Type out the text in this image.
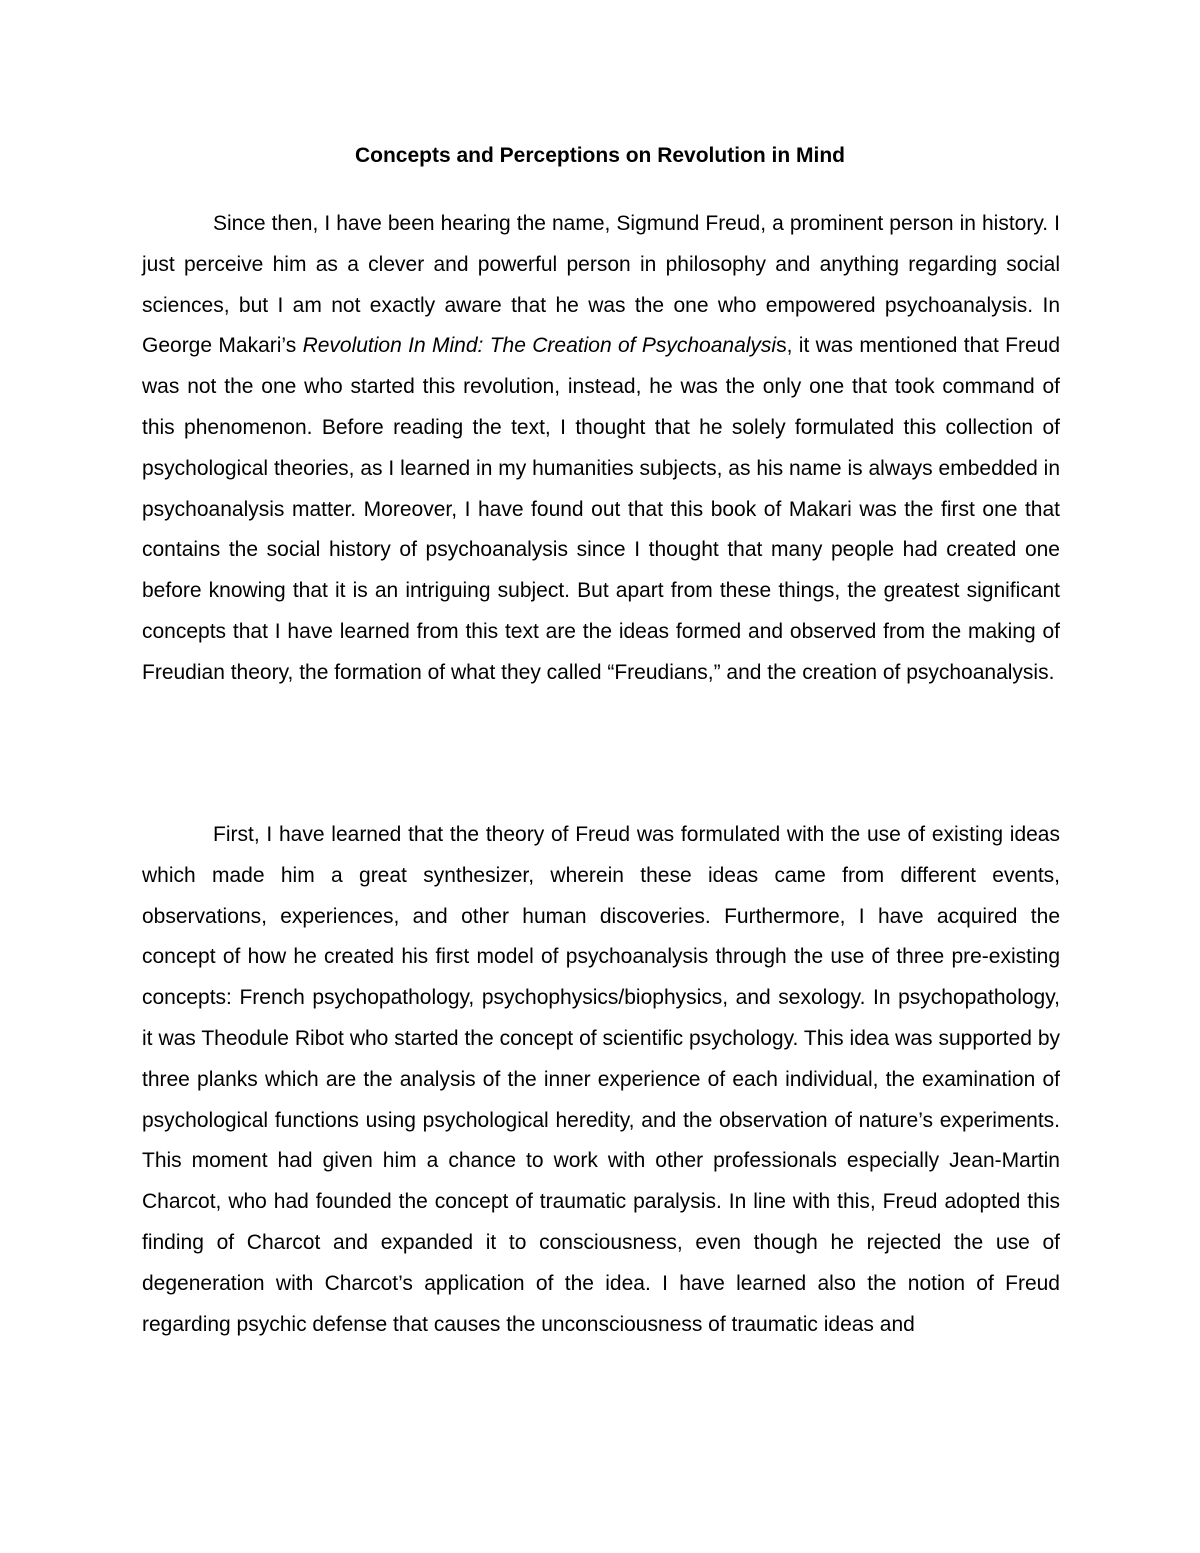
Concepts and Perceptions on Revolution in Mind

Since then, I have been hearing the name, Sigmund Freud, a prominent person in history. I just perceive him as a clever and powerful person in philosophy and anything regarding social sciences, but I am not exactly aware that he was the one who empowered psychoanalysis. In George Makari’s Revolution In Mind: The Creation of Psychoanalysis, it was mentioned that Freud was not the one who started this revolution, instead, he was the only one that took command of this phenomenon. Before reading the text, I thought that he solely formulated this collection of psychological theories, as I learned in my humanities subjects, as his name is always embedded in psychoanalysis matter. Moreover, I have found out that this book of Makari was the first one that contains the social history of psychoanalysis since I thought that many people had created one before knowing that it is an intriguing subject. But apart from these things, the greatest significant concepts that I have learned from this text are the ideas formed and observed from the making of Freudian theory, the formation of what they called “Freudians,” and the creation of psychoanalysis.

First, I have learned that the theory of Freud was formulated with the use of existing ideas which made him a great synthesizer, wherein these ideas came from different events, observations, experiences, and other human discoveries. Furthermore, I have acquired the concept of how he created his first model of psychoanalysis through the use of three pre-existing concepts: French psychopathology, psychophysics/biophysics, and sexology. In psychopathology, it was Theodule Ribot who started the concept of scientific psychology. This idea was supported by three planks which are the analysis of the inner experience of each individual, the examination of psychological functions using psychological heredity, and the observation of nature’s experiments. This moment had given him a chance to work with other professionals especially Jean-Martin Charcot, who had founded the concept of traumatic paralysis. In line with this, Freud adopted this finding of Charcot and expanded it to consciousness, even though he rejected the use of degeneration with Charcot’s application of the idea. I have learned also the notion of Freud regarding psychic defense that causes the unconsciousness of traumatic ideas and
